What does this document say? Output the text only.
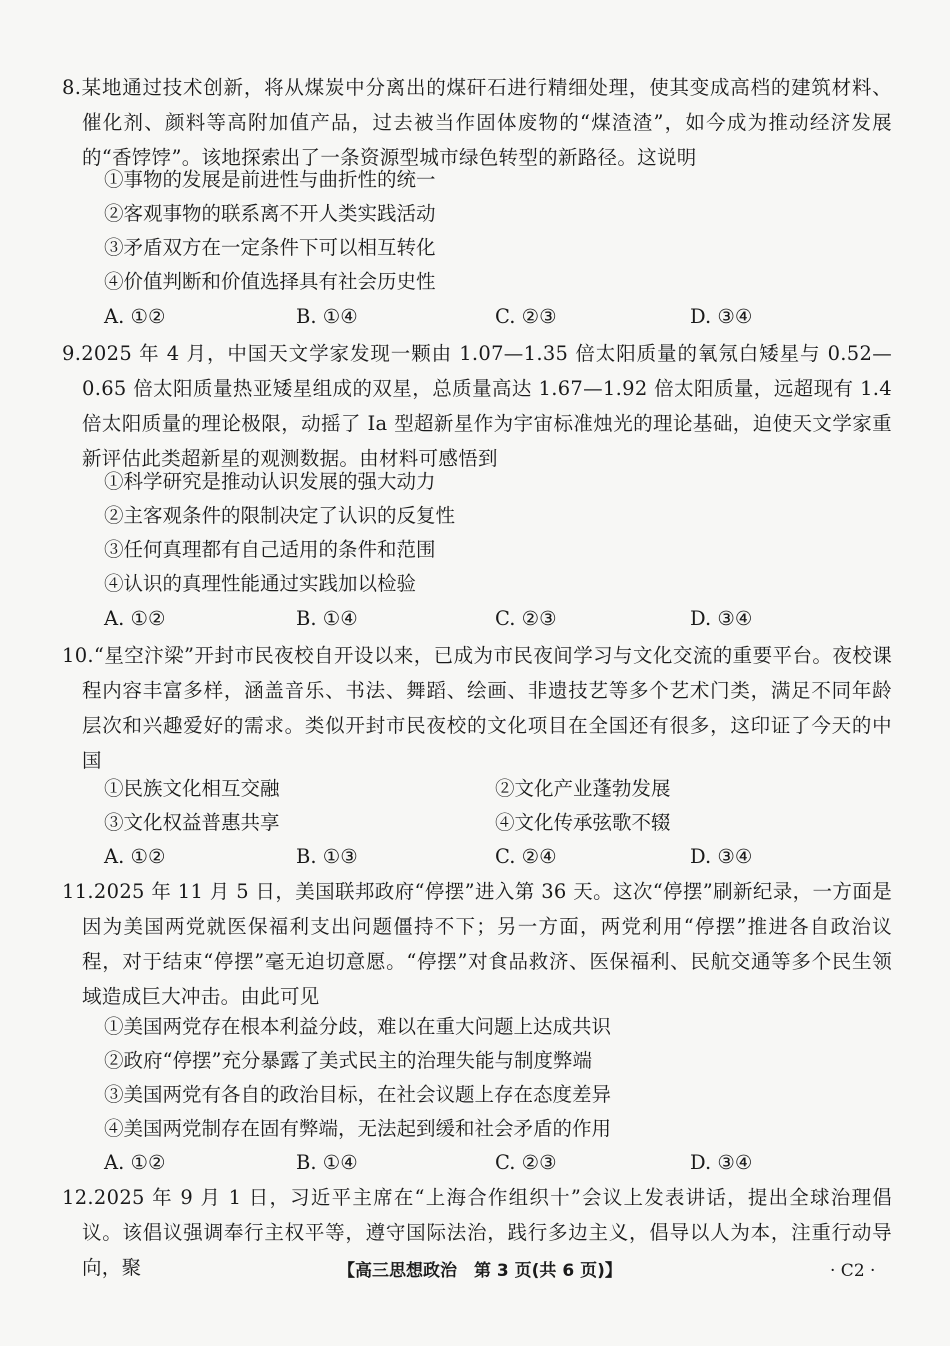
8.某地通过技术创新，将从煤炭中分离出的煤矸石进行精细处理，使其变成高档的建筑材料、催化剂、颜料等高附加值产品，过去被当作固体废物的“煤渣渣”，如今成为推动经济发展的“香饽饽”。该地探索出了一条资源型城市绿色转型的新路径。这说明
①事物的发展是前进性与曲折性的统一
②客观事物的联系离不开人类实践活动
③矛盾双方在一定条件下可以相互转化
④价值判断和价值选择具有社会历史性
A. ①②	B. ①④	C. ②③	D. ③④
9.2025 年 4 月，中国天文学家发现一颗由 1.07—1.35 倍太阳质量的氧氖白矮星与 0.52—0.65 倍太阳质量热亚矮星组成的双星，总质量高达 1.67—1.92 倍太阳质量，远超现有 1.4 倍太阳质量的理论极限，动摇了 Ia 型超新星作为宇宙标准烛光的理论基础，迫使天文学家重新评估此类超新星的观测数据。由材料可感悟到
①科学研究是推动认识发展的强大动力
②主客观条件的限制决定了认识的反复性
③任何真理都有自己适用的条件和范围
④认识的真理性能通过实践加以检验
A. ①②	B. ①④	C. ②③	D. ③④
10.“星空汴梁”开封市民夜校自开设以来，已成为市民夜间学习与文化交流的重要平台。夜校课程内容丰富多样，涵盖音乐、书法、舞蹈、绘画、非遗技艺等多个艺术门类，满足不同年龄层次和兴趣爱好的需求。类似开封市民夜校的文化项目在全国还有很多，这印证了今天的中国
①民族文化相互交融	②文化产业蓬勃发展
③文化权益普惠共享	④文化传承弦歌不辍
A. ①②	B. ①③	C. ②④	D. ③④
11.2025 年 11 月 5 日，美国联邦政府“停摆”进入第 36 天。这次“停摆”刷新纪录，一方面是因为美国两党就医保福利支出问题僵持不下；另一方面，两党利用“停摆”推进各自政治议程，对于结束“停摆”毫无迫切意愿。“停摆”对食品救济、医保福利、民航交通等多个民生领域造成巨大冲击。由此可见
①美国两党存在根本利益分歧，难以在重大问题上达成共识
②政府“停摆”充分暴露了美式民主的治理失能与制度弊端
③美国两党有各自的政治目标，在社会议题上存在态度差异
④美国两党制存在固有弊端，无法起到缓和社会矛盾的作用
A. ①②	B. ①④	C. ②③	D. ③④
12.2025 年 9 月 1 日，习近平主席在“上海合作组织十”会议上发表讲话，提出全球治理倡议。该倡议强调奉行主权平等，遵守国际法治，践行多边主义，倡导以人为本，注重行动导向，聚	【高三思想政治　第 3 页(共 6 页)】	· C2 ·
